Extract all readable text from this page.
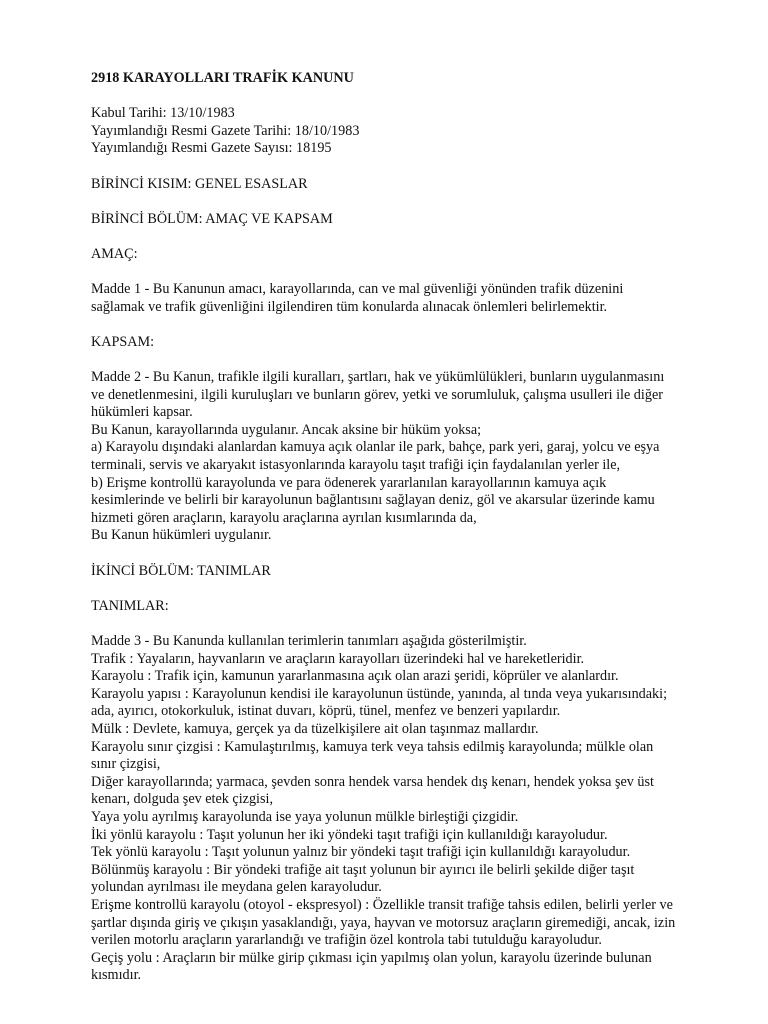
2918 KARAYOLLARI TRAFİK KANUNU

Kabul Tarihi: 13/10/1983
Yayımlandığı Resmi Gazete Tarihi: 18/10/1983
Yayımlandığı Resmi Gazete Sayısı: 18195

BİRİNCİ KISIM: GENEL ESASLAR

BİRİNCİ BÖLÜM: AMAÇ VE KAPSAM

AMAÇ:

Madde 1 - Bu Kanunun amacı, karayollarında, can ve mal güvenliği yönünden trafik düzenini
sağlamak ve trafik güvenliğini ilgilendiren tüm konularda alınacak önlemleri belirlemektir.

KAPSAM:

Madde 2 - Bu Kanun, trafikle ilgili kuralları, şartları, hak ve yükümlülükleri, bunların uygulanmasını
ve denetlenmesini, ilgili kuruluşları ve bunların görev, yetki ve sorumluluk, çalışma usulleri ile diğer
hükümleri kapsar.
Bu Kanun, karayollarında uygulanır. Ancak aksine bir hüküm yoksa;
a) Karayolu dışındaki alanlardan kamuya açık olanlar ile park, bahçe, park yeri, garaj, yolcu ve eşya
terminali, servis ve akaryakıt istasyonlarında karayolu taşıt trafiği için faydalanılan yerler ile,
b) Erişme kontrollü karayolunda ve para ödenerek yararlanılan karayollarının kamuya açık
kesimlerinde ve belirli bir karayolunun bağlantısını sağlayan deniz, göl ve akarsular üzerinde kamu
hizmeti gören araçların, karayolu araçlarına ayrılan kısımlarında da,
Bu Kanun hükümleri uygulanır.

İKİNCİ BÖLÜM: TANIMLAR

TANIMLAR:

Madde 3 - Bu Kanunda kullanılan terimlerin tanımları aşağıda gösterilmiştir.
Trafik : Yayaların, hayvanların ve araçların karayolları üzerindeki hal ve hareketleridir.
Karayolu : Trafik için, kamunun yararlanmasına açık olan arazi şeridi, köprüler ve alanlardır.
Karayolu yapısı : Karayolunun kendisi ile karayolunun üstünde, yanında, al tında veya yukarısındaki;
ada, ayırıcı, otokorkuluk, istinat duvarı, köprü, tünel, menfez ve benzeri yapılardır.
Mülk : Devlete, kamuya, gerçek ya da tüzelkişilere ait olan taşınmaz mallardır.
Karayolu sınır çizgisi : Kamulaştırılmış, kamuya terk veya tahsis edilmiş karayolunda; mülkle olan
sınır çizgisi,
Diğer karayollarında; yarmaca, şevden sonra hendek varsa hendek dış kenarı, hendek yoksa şev üst
kenarı, dolguda şev etek çizgisi,
Yaya yolu ayrılmış karayolunda ise yaya yolunun mülkle birleştiği çizgidir.
İki yönlü karayolu : Taşıt yolunun her iki yöndeki taşıt trafiği için kullanıldığı karayoludur.
Tek yönlü karayolu : Taşıt yolunun yalnız bir yöndeki taşıt trafiği için kullanıldığı karayoludur.
Bölünmüş karayolu : Bir yöndeki trafiğe ait taşıt yolunun bir ayırıcı ile belirli şekilde diğer taşıt
yolundan ayrılması ile meydana gelen karayoludur.
Erişme kontrollü karayolu (otoyol - ekspresyol) : Özellikle transit trafiğe tahsis edilen, belirli yerler ve
şartlar dışında giriş ve çıkışın yasaklandığı, yaya, hayvan ve motorsuz araçların giremediği, ancak, izin
verilen motorlu araçların yararlandığı ve trafiğin özel kontrola tabi tutulduğu karayoludur.
Geçiş yolu : Araçların bir mülke girip çıkması için yapılmış olan yolun, karayolu üzerinde bulunan
kısmıdır.
